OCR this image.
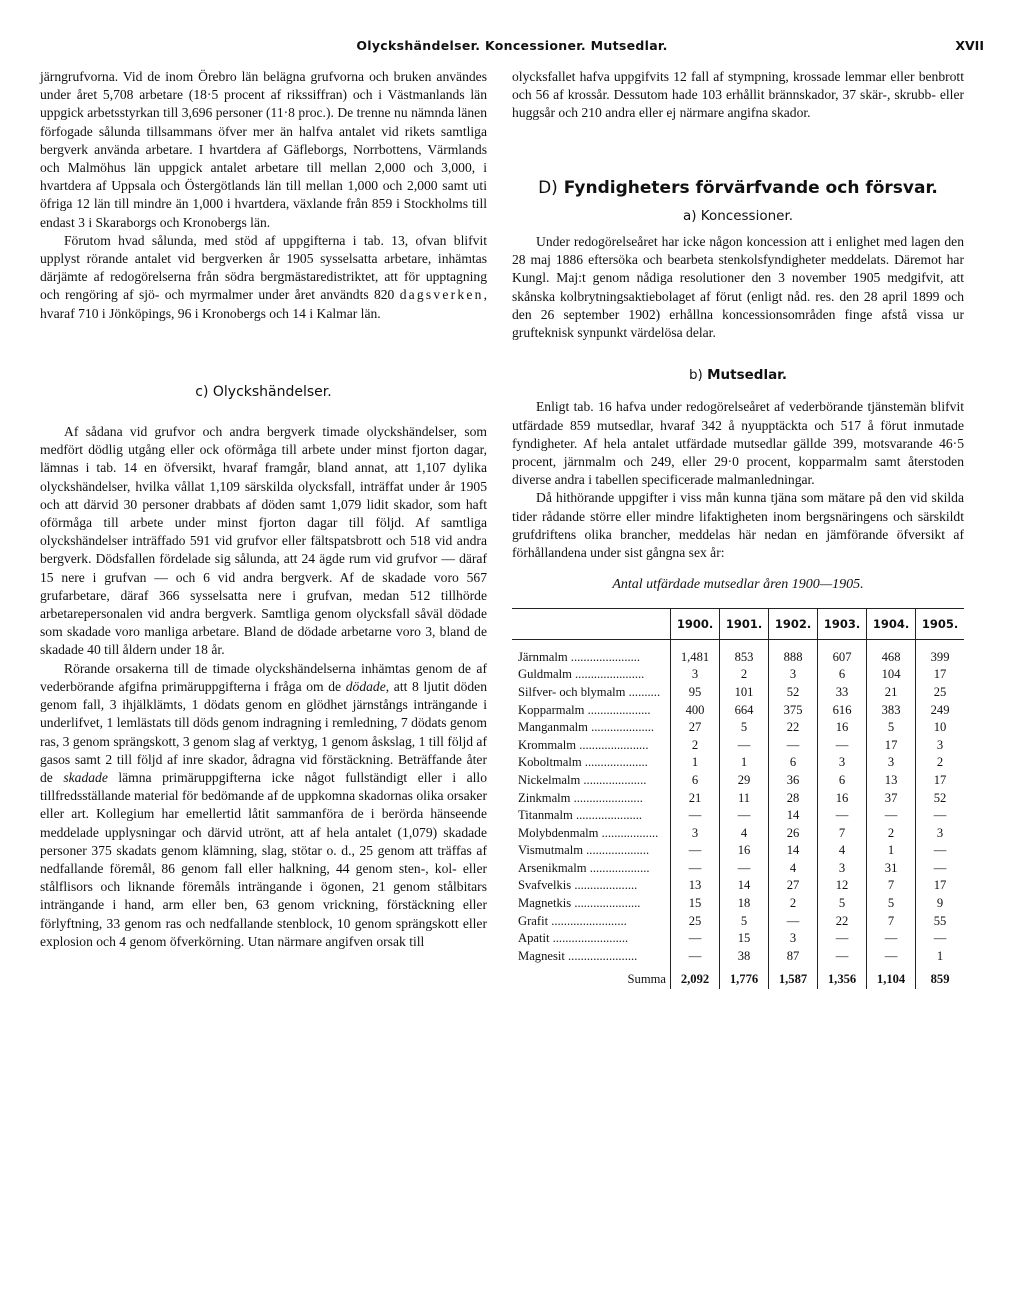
Olyckshändelser. Koncessioner. Mutsedlar.	XVII

järngrufvorna. Vid de inom Örebro län belägna grufvorna och bruken användes under året 5,708 arbetare (18·5 procent af rikssiffran) och i Västmanlands län uppgick arbetsstyrkan till 3,696 personer (11·8 proc.). De trenne nu nämnda länen förfogade sålunda tillsammans öfver mer än halfva antalet vid rikets samtliga bergverk använda arbetare. I hvartdera af Gäfleborgs, Norrbottens, Värmlands och Malmöhus län uppgick antalet arbetare till mellan 2,000 och 3,000, i hvartdera af Uppsala och Östergötlands län till mellan 1,000 och 2,000 samt uti öfriga 12 län till mindre än 1,000 i hvartdera, växlande från 859 i Stockholms till endast 3 i Skaraborgs och Kronobergs län.

Förutom hvad sålunda, med stöd af uppgifterna i tab. 13, ofvan blifvit upplyst rörande antalet vid bergverken år 1905 sysselsatta arbetare, inhämtas därjämte af redogörelserna från södra bergmästaredistriktet, att för upptagning och rengöring af sjö- och myrmalmer under året användts 820 dagsverken, hvaraf 710 i Jönköpings, 96 i Kronobergs och 14 i Kalmar län.

c) Olyckshändelser.

Af sådana vid grufvor och andra bergverk timade olyckshändelser, som medfört dödlig utgång eller ock oförmåga till arbete under minst fjorton dagar, lämnas i tab. 14 en öfversikt, hvaraf framgår, bland annat, att 1,107 dylika olyckshändelser, hvilka vållat 1,109 särskilda olycksfall, inträffat under år 1905 och att därvid 30 personer drabbats af döden samt 1,079 lidit skador, som haft oförmåga till arbete under minst fjorton dagar till följd. Af samtliga olyckshändelser inträffado 591 vid grufvor eller fältspatsbrott och 518 vid andra bergverk. Dödsfallen fördelade sig sålunda, att 24 ägde rum vid grufvor — däraf 15 nere i grufvan — och 6 vid andra bergverk. Af de skadade voro 567 grufarbetare, däraf 366 sysselsatta nere i grufvan, medan 512 tillhörde arbetarepersonalen vid andra bergverk. Samtliga genom olycksfall såväl dödade som skadade voro manliga arbetare. Bland de dödade arbetarne voro 3, bland de skadade 40 till åldern under 18 år.

Rörande orsakerna till de timade olyckshändelserna inhämtas genom de af vederbörande afgifna primäruppgifterna i fråga om de dödade, att 8 ljutit döden genom fall, 3 ihjälklämts, 1 dödats genom en glödhet järnstångs inträngande i underlifvet, 1 lemlästats till döds genom indragning i remledning, 7 dödats genom ras, 3 genom sprängskott, 3 genom slag af verktyg, 1 genom åskslag, 1 till följd af gasos samt 2 till följd af inre skador, ådragna vid förstäckning. Beträffande åter de skadade lämna primäruppgifterna icke något fullständigt eller i allo tillfredsställande material för bedömande af de uppkomna skadornas olika orsaker eller art. Kollegium har emellertid låtit sammanföra de i berörda hänseende meddelade upplysningar och därvid utrönt, att af hela antalet (1,079) skadade personer 375 skadats genom klämning, slag, stötar o. d., 25 genom att träffas af nedfallande föremål, 86 genom fall eller halkning, 44 genom sten-, kol- eller stålflisors och liknande föremåls inträngande i ögonen, 21 genom stålbitars inträngande i hand, arm eller ben, 63 genom vrickning, förstäckning eller förlyftning, 33 genom ras och nedfallande stenblock, 10 genom sprängskott eller explosion och 4 genom öfverkörning. Utan närmare angifven orsak till

olycksfallet hafva uppgifvits 12 fall af stympning, krossade lemmar eller benbrott och 56 af krossår. Dessutom hade 103 erhållit brännskador, 37 skär-, skrubb- eller huggsår och 210 andra eller ej närmare angifna skador.

D) Fyndigheters förvärfvande och försvar.

a) Koncessioner.

Under redogörelseåret har icke någon koncession att i enlighet med lagen den 28 maj 1886 eftersöka och bearbeta stenkolsfyndigheter meddelats. Däremot har Kungl. Maj:t genom nådiga resolutioner den 3 november 1905 medgifvit, att skånska kolbrytningsaktiebolaget af förut (enligt nåd. res. den 28 april 1899 och den 26 september 1902) erhållna koncessionsområden finge afstå vissa ur grufteknisk synpunkt värdelösa delar.

b) Mutsedlar.

Enligt tab. 16 hafva under redogörelseåret af vederbörande tjänstemän blifvit utfärdade 859 mutsedlar, hvaraf 342 å nyupptäckta och 517 å förut inmutade fyndigheter. Af hela antalet utfärdade mutsedlar gällde 399, motsvarande 46·5 procent, järnmalm och 249, eller 29·0 procent, kopparmalm samt återstoden diverse andra i tabellen specificerade malmanledningar.

Då hithörande uppgifter i viss mån kunna tjäna som mätare på den vid skilda tider rådande större eller mindre lifaktigheten inom bergsnäringens och särskildt grufdriftens olika brancher, meddelas här nedan en jämförande öfversikt af förhållandena under sist gångna sex år:

Antal utfärdade mutsedlar åren 1900—1905.

	1900.	1901.	1902.	1903.	1904.	1905.
Järnmalm ......................	1,481	853	888	607	468	399
Guldmalm ......................	3	2	3	6	104	17
Silfver- och blymalm ..........	95	101	52	33	21	25
Kopparmalm ....................	400	664	375	616	383	249
Manganmalm ....................	27	5	22	16	5	10
Krommalm ......................	2	—	—	—	17	3
Koboltmalm ....................	1	1	6	3	3	2
Nickelmalm ....................	6	29	36	6	13	17
Zinkmalm ......................	21	11	28	16	37	52
Titanmalm .....................	—	—	14	—	—	—
Molybdenmalm ..................	3	4	26	7	2	3
Vismutmalm ....................	—	16	14	4	1	—
Arsenikmalm ...................	—	—	4	3	31	—
Svafvelkis ....................	13	14	27	12	7	17
Magnetkis .....................	15	18	2	5	5	9
Grafit ........................	25	5	—	22	7	55
Apatit ........................	—	15	3	—	—	—
Magnesit ......................	—	38	87	—	—	1
Summa	2,092	1,776	1,587	1,356	1,104	859
